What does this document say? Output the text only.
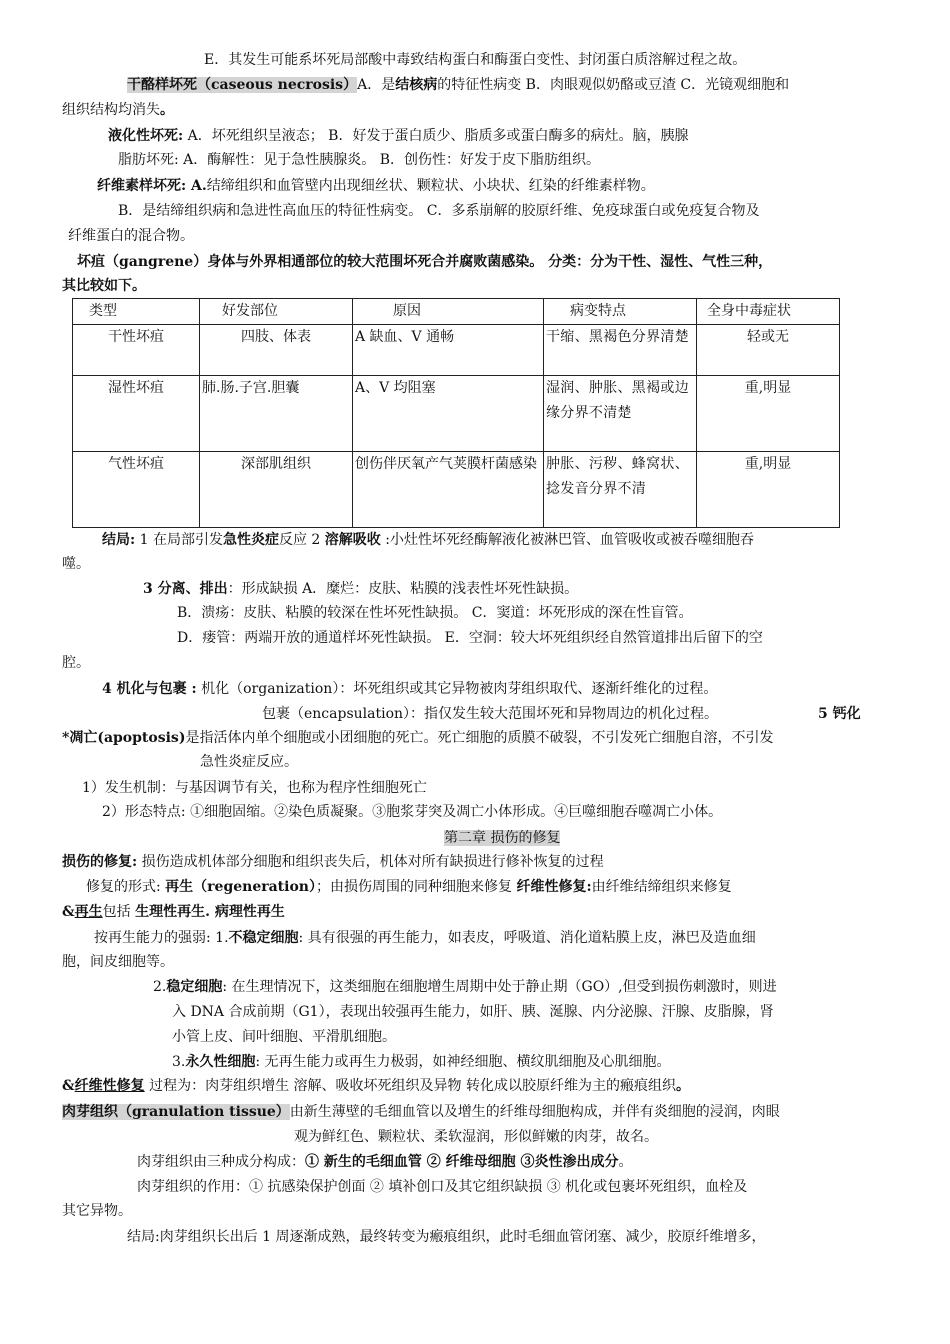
E．其发生可能系坏死局部酸中毒致结构蛋白和酶蛋白变性、封闭蛋白质溶解过程之故。
干酪样坏死（caseous necrosis）A．是结核病的特征性病变 B．肉眼观似奶酪或豆渣 C．光镜观细胞和
组织结构均消失。
液化性坏死: A．坏死组织呈液态； B．好发于蛋白质少、脂质多或蛋白酶多的病灶。脑，胰腺
脂肪坏死: A．酶解性：见于急性胰腺炎。 B．创伤性：好发于皮下脂肪组织。
纤维素样坏死: A.结缔组织和血管壁内出现细丝状、颗粒状、小块状、红染的纤维素样物。
B．是结缔组织病和急进性高血压的特征性病变。 C．多系崩解的胶原纤维、免疫球蛋白或免疫复合物及
纤维蛋白的混合物。
坏疽（gangrene）身体与外界相通部位的较大范围坏死合并腐败菌感染。 分类：分为干性、湿性、气性三种，
其比较如下。
类型	好发部位	原因	病变特点	全身中毒症状
干性坏疽	四肢、体表	A 缺血、V 通畅	干缩、黑褐色分界清楚	轻或无
湿性坏疽	肺.肠.子宫.胆囊	A、V 均阻塞	湿润、肿胀、黑褐或边缘分界不清楚	重,明显
气性坏疽	深部肌组织	创伤伴厌氧产气荚膜杆菌感染	肿胀、污秽、蜂窝状、捻发音分界不清	重,明显
结局: 1 在局部引发急性炎症反应 2 溶解吸收 :小灶性坏死经酶解液化被淋巴管、血管吸收或被吞噬细胞吞
噬。
3 分离、排出：形成缺损 A．糜烂：皮肤、粘膜的浅表性坏死性缺损。
B．溃疡：皮肤、粘膜的较深在性坏死性缺损。 C．窦道：坏死形成的深在性盲管。
D．瘘管：两端开放的通道样坏死性缺损。 E．空洞：较大坏死组织经自然管道排出后留下的空
腔。
4 机化与包裹 : 机化（organization）：坏死组织或其它异物被肉芽组织取代、逐渐纤维化的过程。
包裹（encapsulation）：指仅发生较大范围坏死和异物周边的机化过程。	5 钙化
*凋亡(apoptosis)是指活体内单个细胞或小团细胞的死亡。死亡细胞的质膜不破裂，不引发死亡细胞自溶，不引发
急性炎症反应。
1）发生机制：与基因调节有关，也称为程序性细胞死亡
2）形态特点: ①细胞固缩。②染色质凝聚。③胞浆芽突及凋亡小体形成。④巨噬细胞吞噬凋亡小体。
第二章 损伤的修复
损伤的修复: 损伤造成机体部分细胞和组织丧失后，机体对所有缺损进行修补恢复的过程
修复的形式: 再生（regeneration）；由损伤周围的同种细胞来修复 纤维性修复:由纤维结缔组织来修复
&再生包括 生理性再生. 病理性再生
按再生能力的强弱: 1.不稳定细胞: 具有很强的再生能力，如表皮，呼吸道、消化道粘膜上皮，淋巴及造血细
胞，间皮细胞等。
2.稳定细胞: 在生理情况下，这类细胞在细胞增生周期中处于静止期（GO）,但受到损伤刺激时，则进
入 DNA 合成前期（G1），表现出较强再生能力，如肝、胰、涎腺、内分泌腺、汗腺、皮脂腺，肾
小管上皮、间叶细胞、平滑肌细胞。
3.永久性细胞: 无再生能力或再生力极弱，如神经细胞、横纹肌细胞及心肌细胞。
&纤维性修复 过程为：肉芽组织增生 溶解、吸收坏死组织及异物 转化成以胶原纤维为主的瘢痕组织。
肉芽组织（granulation tissue）由新生薄壁的毛细血管以及增生的纤维母细胞构成，并伴有炎细胞的浸润，肉眼
观为鲜红色、颗粒状、柔软湿润，形似鲜嫩的肉芽，故名。
肉芽组织由三种成分构成：① 新生的毛细血管 ② 纤维母细胞 ③炎性渗出成分。
肉芽组织的作用：① 抗感染保护创面 ② 填补创口及其它组织缺损 ③ 机化或包裹坏死组织，血栓及
其它异物。
结局:肉芽组织长出后 1 周逐渐成熟，最终转变为瘢痕组织，此时毛细血管闭塞、减少，胶原纤维增多，
